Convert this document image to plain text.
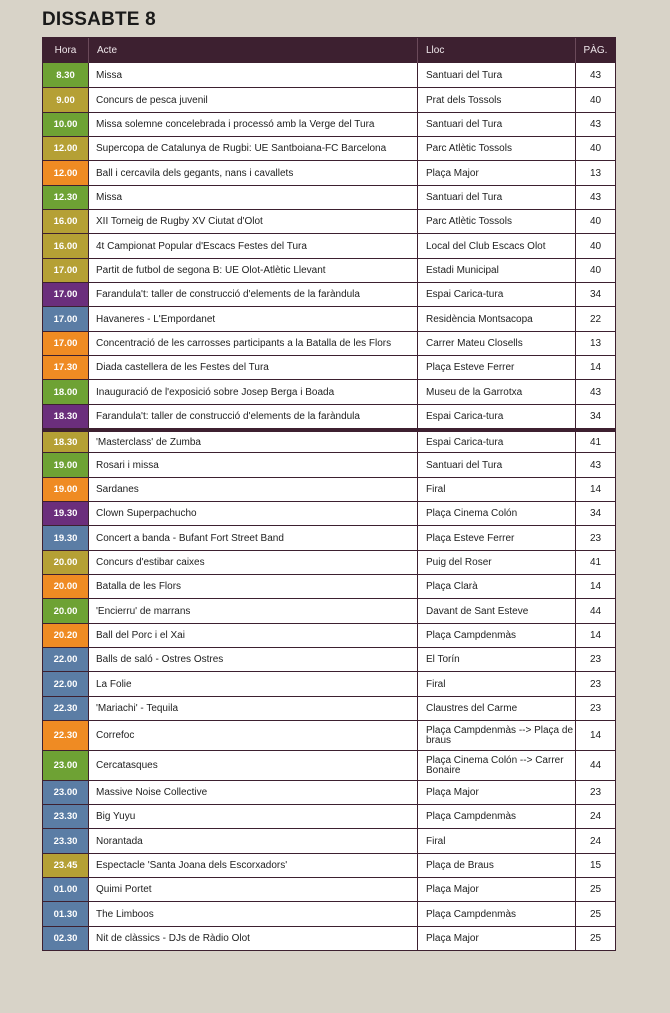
DISSABTE 8
Hora	Acte	Lloc	PÀG.
8.30	Missa	Santuari del Tura	43
9.00	Concurs de pesca juvenil	Prat dels Tossols	40
10.00	Missa solemne concelebrada i processó amb la Verge del Tura	Santuari del Tura	43
12.00	Supercopa de Catalunya de Rugbi: UE Santboiana-FC Barcelona	Parc Atlètic Tossols	40
12.00	Ball i cercavila dels gegants, nans i cavallets	Plaça Major	13
12.30	Missa	Santuari del Tura	43
16.00	XII Torneig de Rugby XV Ciutat d'Olot	Parc Atlètic Tossols	40
16.00	4t Campionat Popular d'Escacs Festes del Tura	Local del Club Escacs Olot	40
17.00	Partit de futbol de segona B: UE Olot-Atlètic Llevant	Estadi Municipal	40
17.00	Farandula't: taller de construcció d'elements de la faràndula	Espai Carica-tura	34
17.00	Havaneres - L'Empordanet	Residència Montsacopa	22
17.00	Concentració de les carrosses participants a la Batalla de les Flors	Carrer Mateu Closells	13
17.30	Diada castellera de les Festes del Tura	Plaça Esteve Ferrer	14
18.00	Inauguració de l'exposició sobre Josep Berga i Boada	Museu de la Garrotxa	43
18.30	Farandula't: taller de construcció d'elements de la faràndula	Espai Carica-tura	34
18.30	'Masterclass' de Zumba	Espai Carica-tura	41
19.00	Rosari i missa	Santuari del Tura	43
19.00	Sardanes	Firal	14
19.30	Clown Superpachucho	Plaça Cinema Colón	34
19.30	Concert a banda - Bufant Fort Street Band	Plaça Esteve Ferrer	23
20.00	Concurs d'estibar caixes	Puig del Roser	41
20.00	Batalla de les Flors	Plaça Clarà	14
20.00	'Encierru' de marrans	Davant de Sant Esteve	44
20.20	Ball del Porc i el Xai	Plaça Campdenmàs	14
22.00	Balls de saló - Ostres Ostres	El Torín	23
22.00	La Folie	Firal	23
22.30	'Mariachi' - Tequila	Claustres del Carme	23
22.30	Correfoc	Plaça Campdenmàs --> Plaça de braus	14
23.00	Cercatasques	Plaça Cinema Colón --> Carrer Bonaire	44
23.00	Massive Noise Collective	Plaça Major	23
23.30	Big Yuyu	Plaça Campdenmàs	24
23.30	Norantada	Firal	24
23.45	Espectacle 'Santa Joana dels Escorxadors'	Plaça de Braus	15
01.00	Quimi Portet	Plaça Major	25
01.30	The Limboos	Plaça Campdenmàs	25
02.30	Nit de clàssics - DJs de Ràdio Olot	Plaça Major	25
